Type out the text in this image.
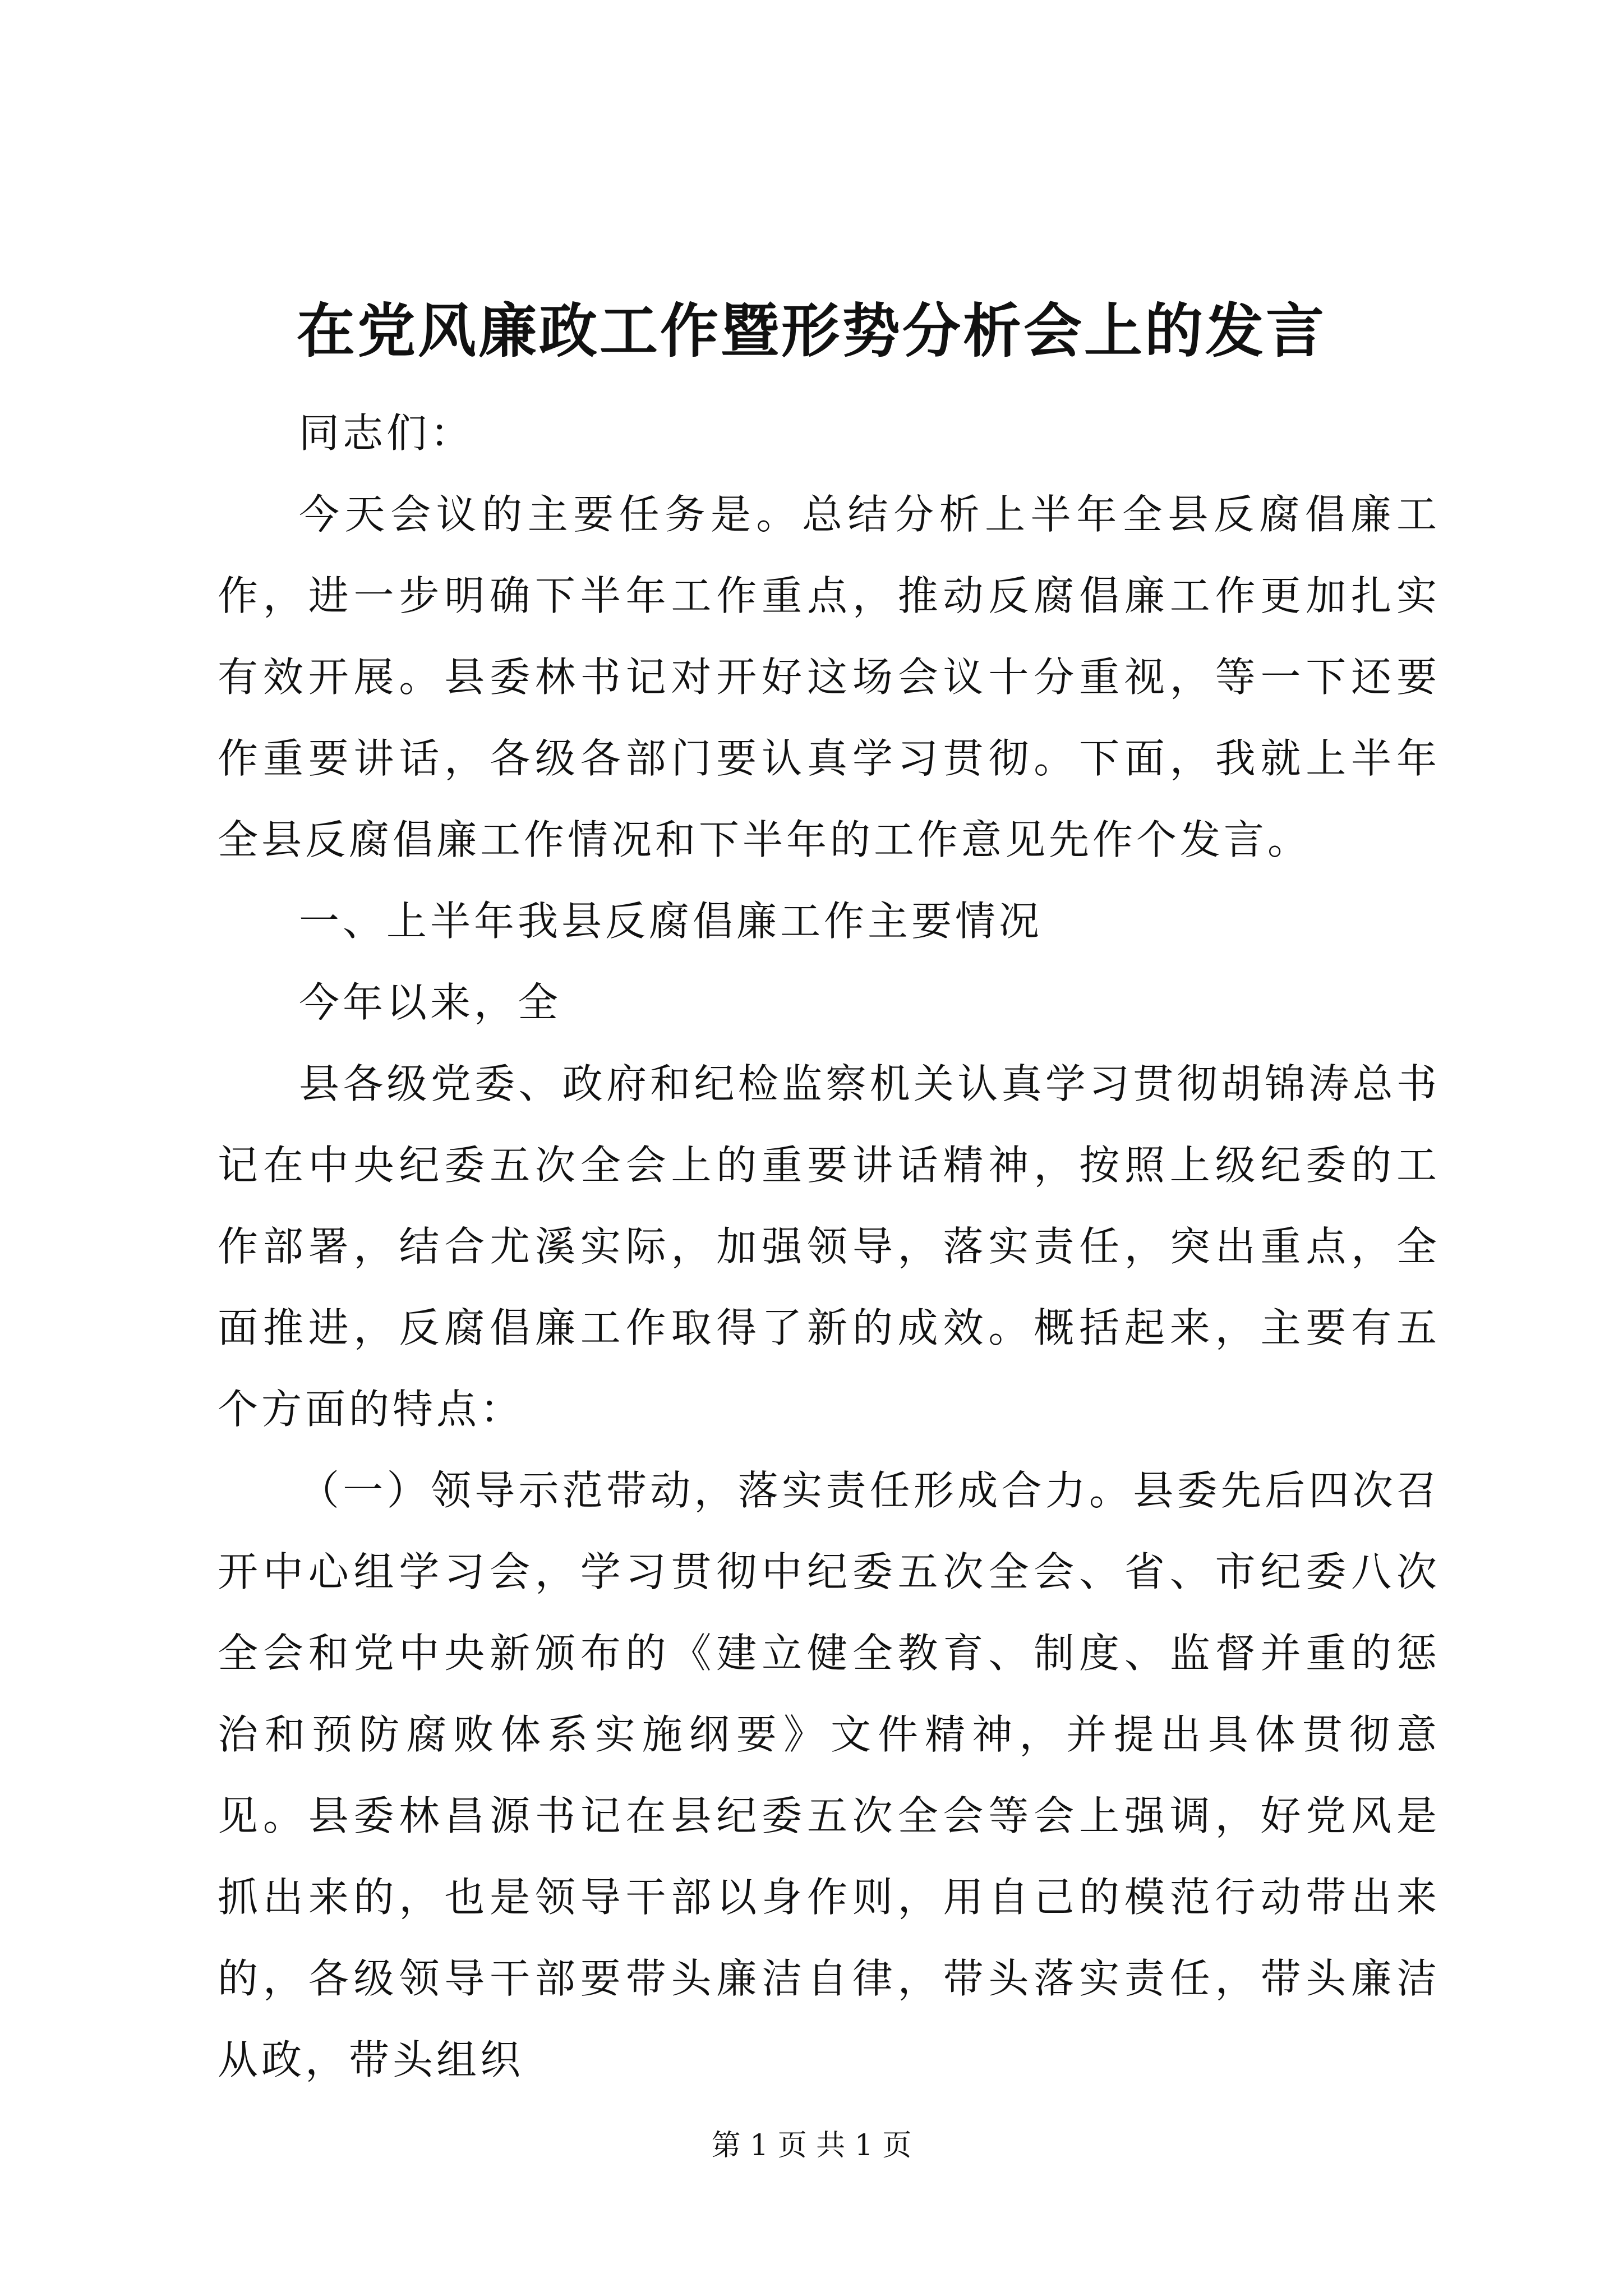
在党风廉政工作暨形势分析会上的发言

同志们：

今天会议的主要任务是。总结分析上半年全县反腐倡廉工作，进一步明确下半年工作重点，推动反腐倡廉工作更加扎实有效开展。县委林书记对开好这场会议十分重视，等一下还要作重要讲话，各级各部门要认真学习贯彻。下面，我就上半年全县反腐倡廉工作情况和下半年的工作意见先作个发言。

一、上半年我县反腐倡廉工作主要情况

今年以来，全

县各级党委、政府和纪检监察机关认真学习贯彻胡锦涛总书记在中央纪委五次全会上的重要讲话精神，按照上级纪委的工作部署，结合尤溪实际，加强领导，落实责任，突出重点，全面推进，反腐倡廉工作取得了新的成效。概括起来，主要有五个方面的特点：

（一）领导示范带动，落实责任形成合力。县委先后四次召开中心组学习会，学习贯彻中纪委五次全会、省、市纪委八次全会和党中央新颁布的《建立健全教育、制度、监督并重的惩治和预防腐败体系实施纲要》文件精神，并提出具体贯彻意见。县委林昌源书记在县纪委五次全会等会上强调，好党风是抓出来的，也是领导干部以身作则，用自己的模范行动带出来的，各级领导干部要带头廉洁自律，带头落实责任，带头廉洁从政，带头组织

第 1 页 共 1 页
